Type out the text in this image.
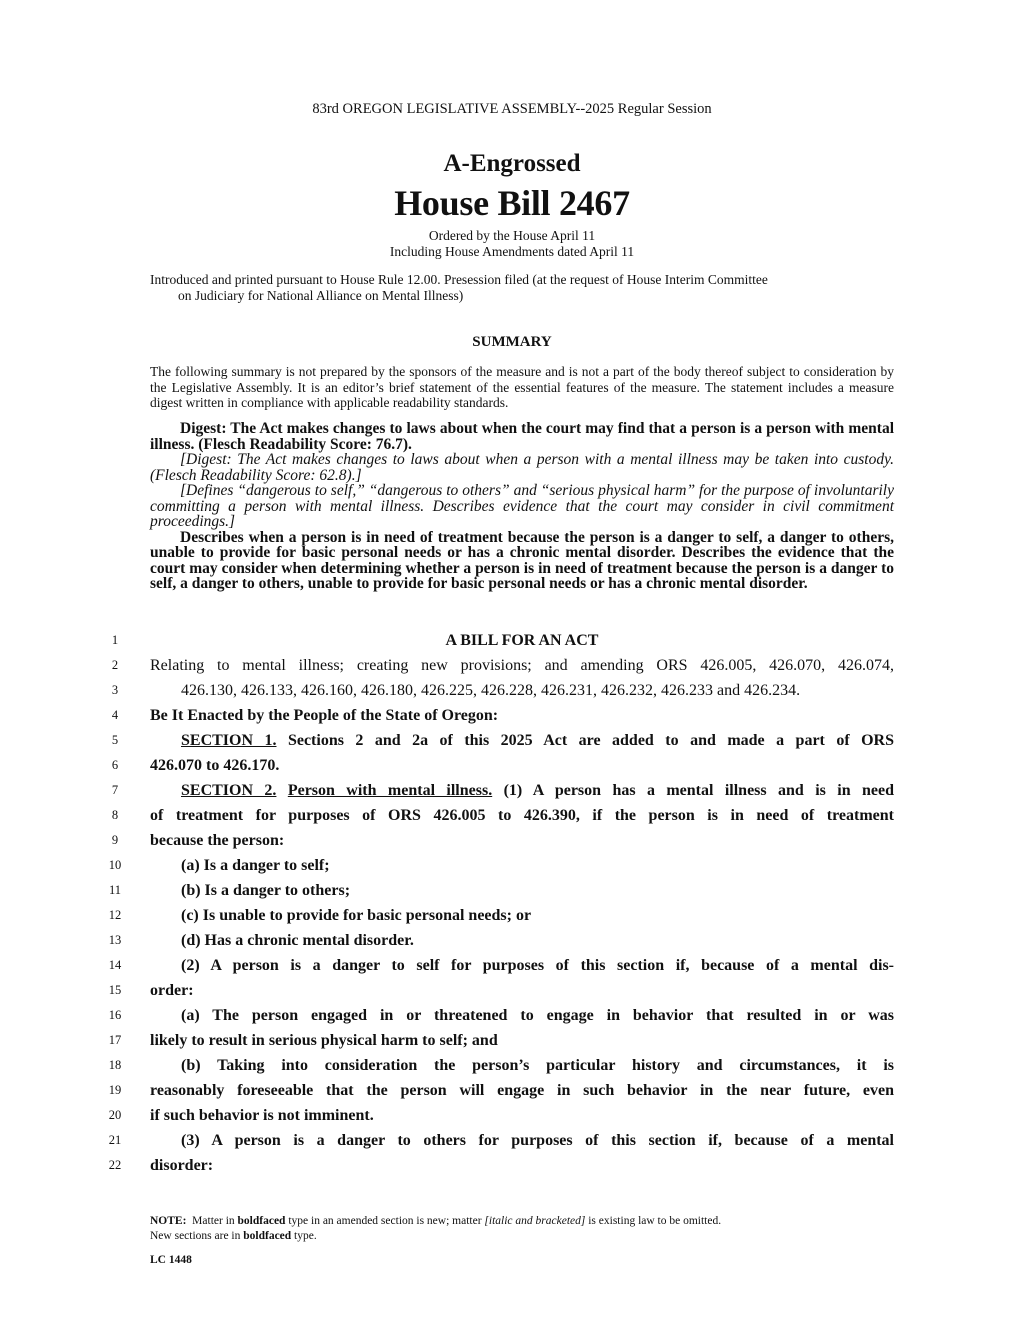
83rd OREGON LEGISLATIVE ASSEMBLY--2025 Regular Session
A-Engrossed
House Bill 2467
Ordered by the House April 11
Including House Amendments dated April 11
Introduced and printed pursuant to House Rule 12.00. Presession filed (at the request of House Interim Committee
on Judiciary for National Alliance on Mental Illness)
SUMMARY
The following summary is not prepared by the sponsors of the measure and is not a part of the body thereof subject to consideration by the Legislative Assembly. It is an editor’s brief statement of the essential features of the measure. The statement includes a measure digest written in compliance with applicable readability standards.

Digest: The Act makes changes to laws about when the court may find that a person is a person with mental illness. (Flesch Readability Score: 76.7).

[Digest: The Act makes changes to laws about when a person with a mental illness may be taken into custody. (Flesch Readability Score: 62.8).]

[Defines “dangerous to self,” “dangerous to others” and “serious physical harm” for the purpose of involuntarily committing a person with mental illness. Describes evidence that the court may consider in civil commitment proceedings.]

Describes when a person is in need of treatment because the person is a danger to self, a danger to others, unable to provide for basic personal needs or has a chronic mental disorder. Describes the evidence that the court may consider when determining whether a person is in need of treatment because the person is a danger to self, a danger to others, unable to provide for basic personal needs or has a chronic mental disorder.

1	A BILL FOR AN ACT
2	Relating to mental illness; creating new provisions; and amending ORS 426.005, 426.070, 426.074,
3	426.130, 426.133, 426.160, 426.180, 426.225, 426.228, 426.231, 426.232, 426.233 and 426.234.
4	Be It Enacted by the People of the State of Oregon:
5	SECTION 1. Sections 2 and 2a of this 2025 Act are added to and made a part of ORS
6	426.070 to 426.170.
7	SECTION 2. Person with mental illness. (1) A person has a mental illness and is in need
8	of treatment for purposes of ORS 426.005 to 426.390, if the person is in need of treatment
9	because the person:
10	(a) Is a danger to self;
11	(b) Is a danger to others;
12	(c) Is unable to provide for basic personal needs; or
13	(d) Has a chronic mental disorder.
14	(2) A person is a danger to self for purposes of this section if, because of a mental dis-
15	order:
16	(a) The person engaged in or threatened to engage in behavior that resulted in or was
17	likely to result in serious physical harm to self; and
18	(b) Taking into consideration the person’s particular history and circumstances, it is
19	reasonably foreseeable that the person will engage in such behavior in the near future, even
20	if such behavior is not imminent.
21	(3) A person is a danger to others for purposes of this section if, because of a mental
22	disorder:
NOTE: Matter in boldfaced type in an amended section is new; matter [italic and bracketed] is existing law to be omitted.
New sections are in boldfaced type.
LC 1448
